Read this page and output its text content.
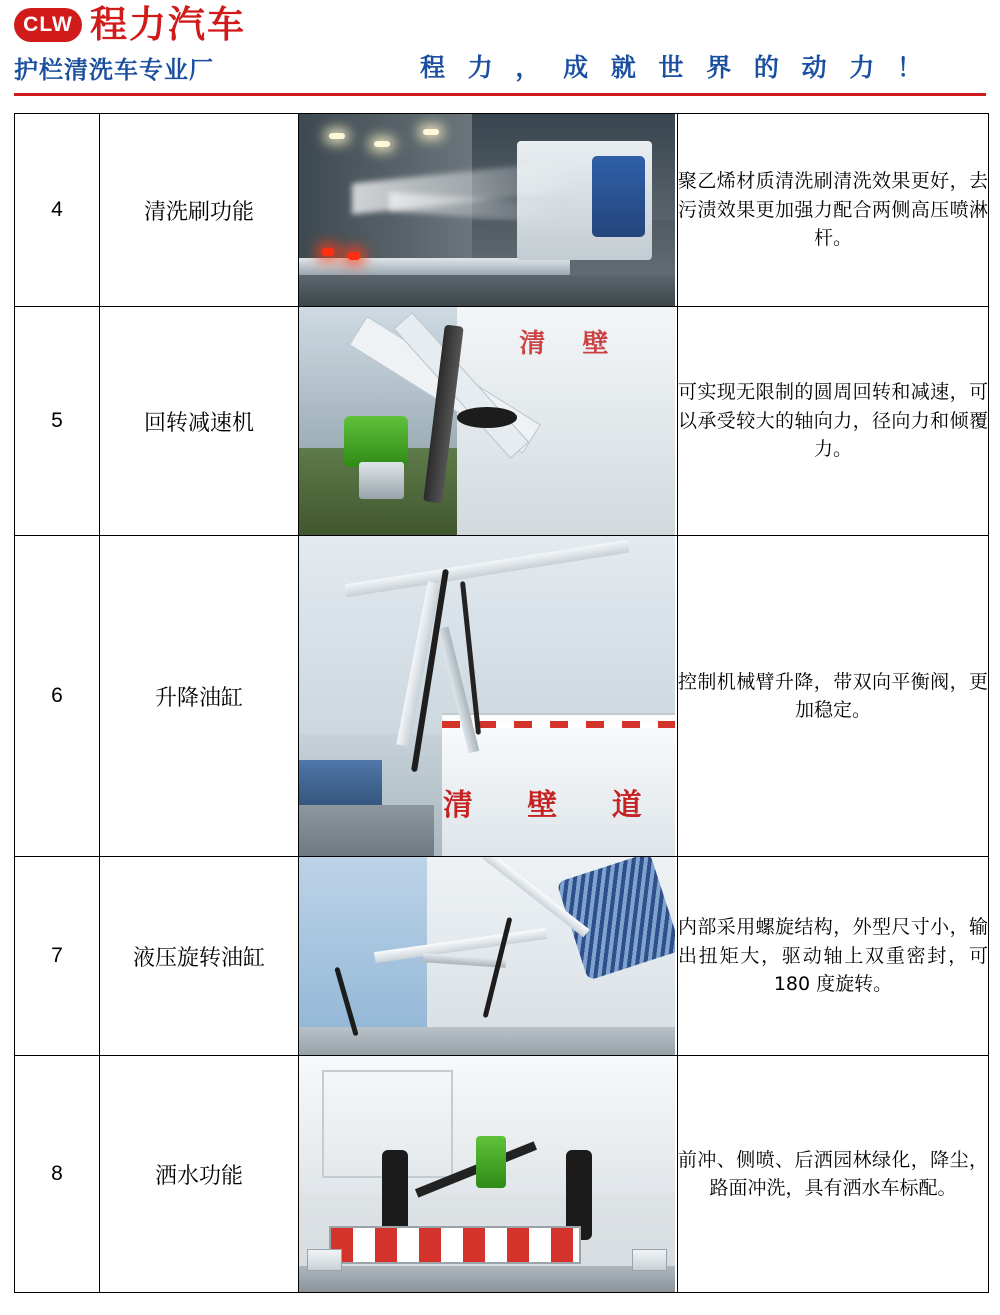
CLW 程力汽车
护栏清洗车专业厂	程 力 ， 成 就 世 界 的 动 力 ！
4	清洗刷功能		聚乙烯材质清洗刷清洗效果更好，去污渍效果更加强力配合两侧高压喷淋杆。
5	回转减速机	清 壁	可实现无限制的圆周回转和减速，可以承受较大的轴向力，径向力和倾覆力。
6	升降油缸	清 壁 道	控制机械臂升降，带双向平衡阀，更加稳定。
7	液压旋转油缸		内部采用螺旋结构，外型尺寸小，输出扭矩大，驱动轴上双重密封，可 180 度旋转。
8	洒水功能		前冲、侧喷、后洒园林绿化，降尘，路面冲洗，具有洒水车标配。
